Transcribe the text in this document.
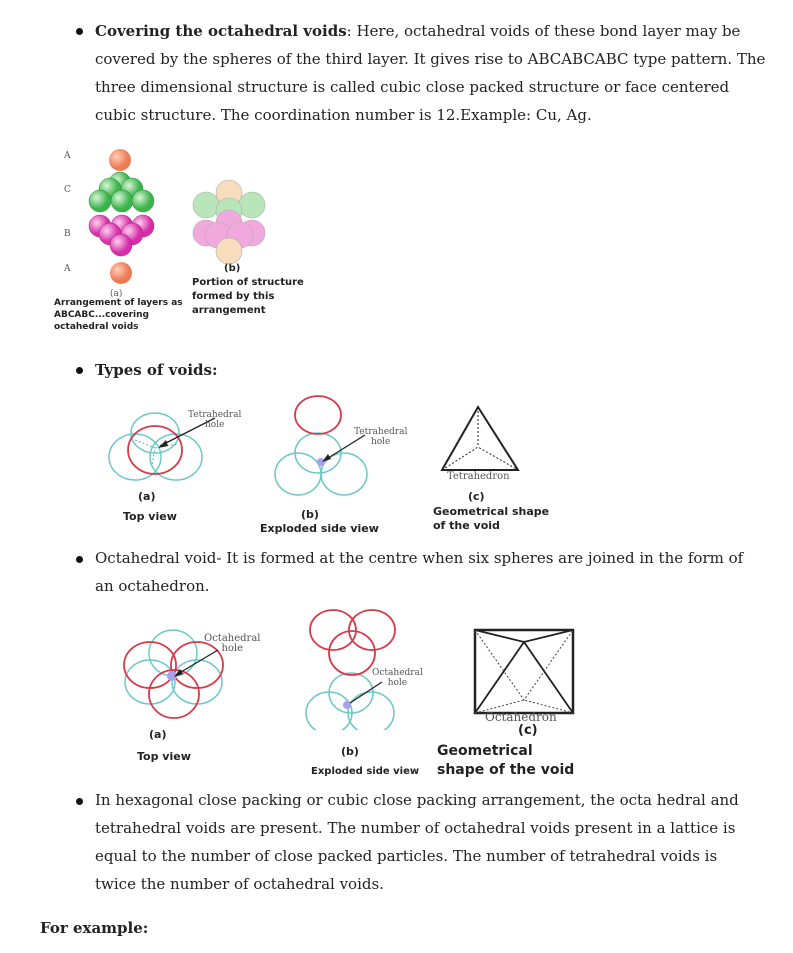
Covering the octahedral voids: Here, octahedral voids of these bond layer may be
covered by the spheres of the third layer. It gives rise to ABCABCABC type pattern. The
three dimensional structure is called cubic close packed structure or face centered
cubic structure. The coordination number is 12.Example: Cu, Ag.
A
C
B
A
(a)
Arrangement of layers as
ABCABC...covering
octahedral voids
(b)
Portion of structure
formed by this
arrangement
Types of voids:
Tetrahedral
hole
Tetrahedral
hole
Tetrahedron
(a)
Top view	(b)
Exploded side view
(c)
Geometrical shape
of the void
Octahedral void- It is formed at the centre when six spheres are joined in the form of
an octahedron.
Octahedral
hole
Octahedral
hole
Octahedron
(a)
Top view	(b)
Exploded side view
(c)
Geometrical
shape of the void
In hexagonal close packing or cubic close packing arrangement, the octa hedral and
tetrahedral voids are present. The number of octahedral voids present in a lattice is
equal to the number of close packed particles. The number of tetrahedral voids is
twice the number of octahedral voids.
For example:
